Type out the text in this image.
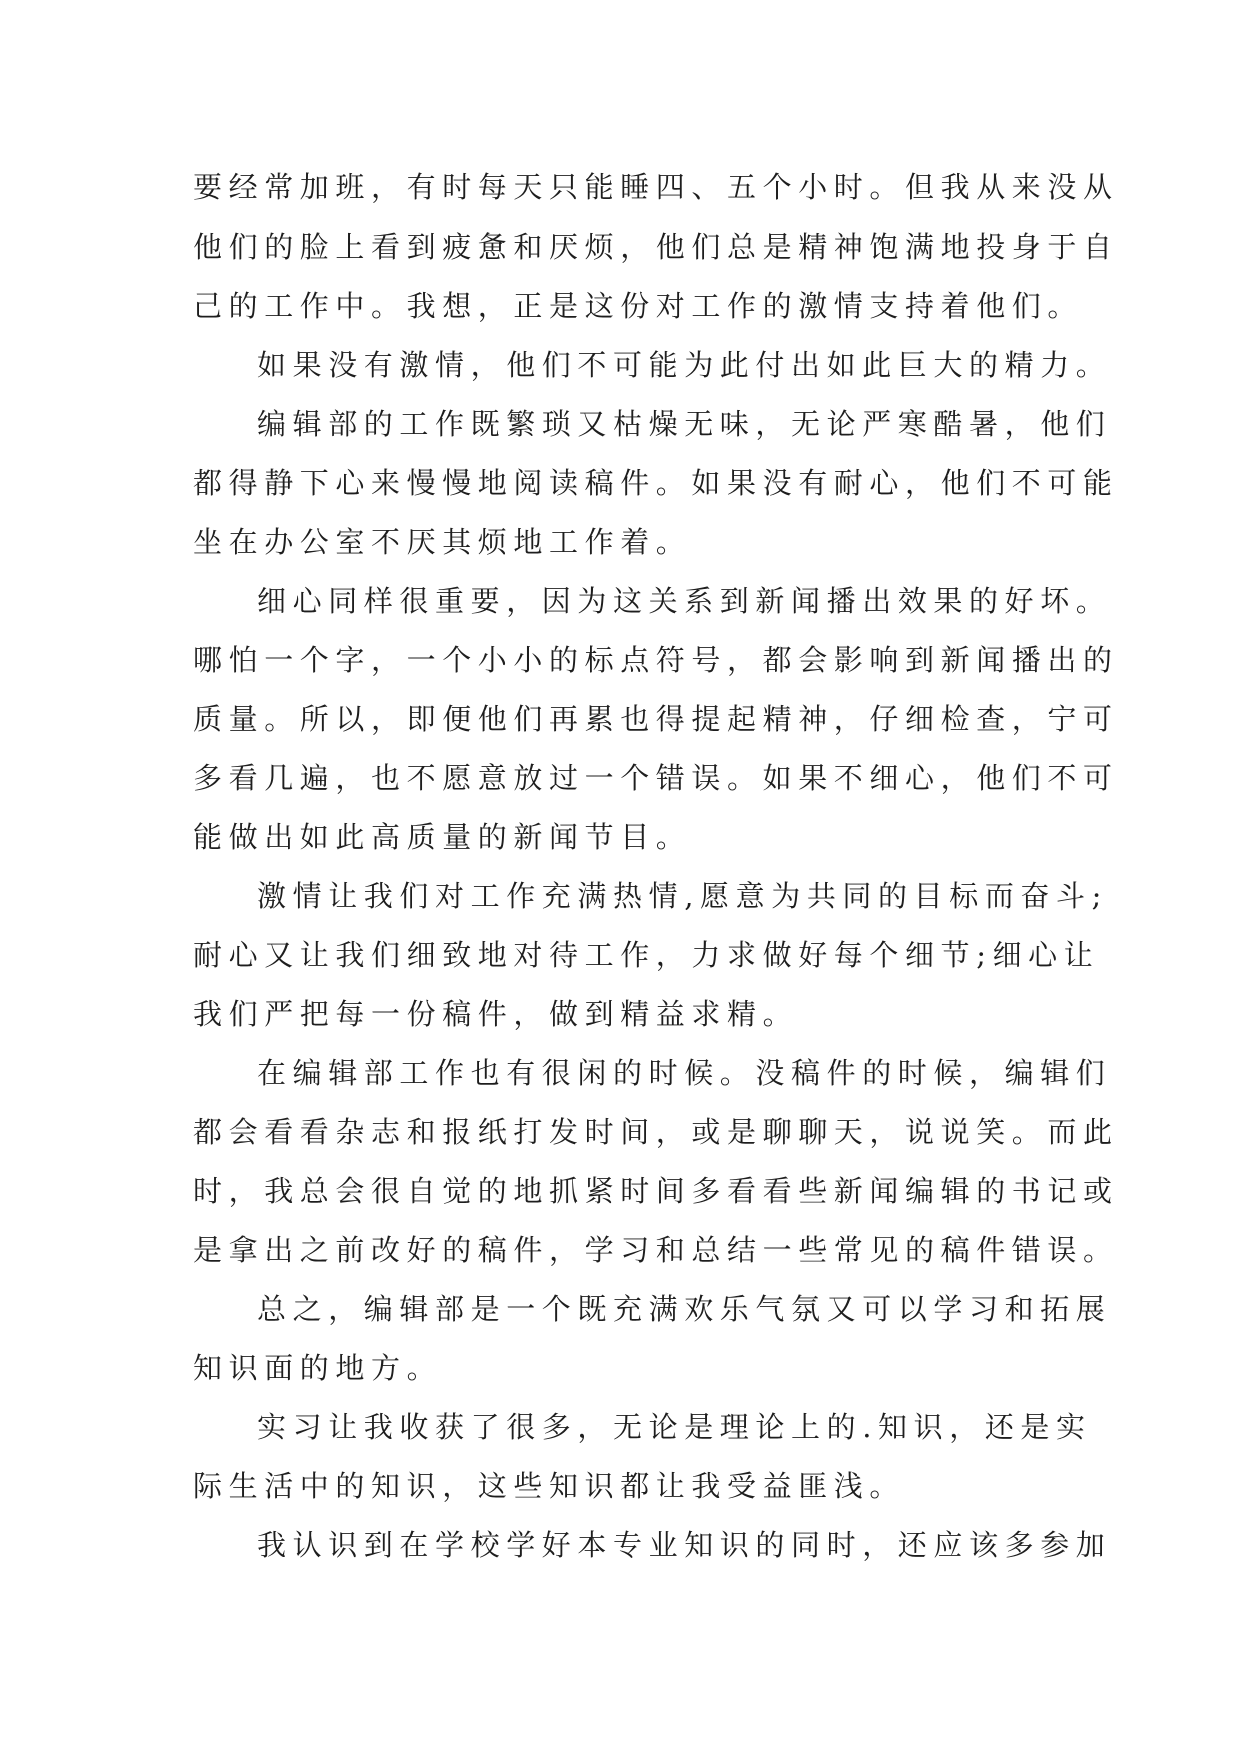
要经常加班，有时每天只能睡四、五个小时。但我从来没从
他们的脸上看到疲惫和厌烦，他们总是精神饱满地投身于自
己的工作中。我想，正是这份对工作的激情支持着他们。
如果没有激情，他们不可能为此付出如此巨大的精力。
编辑部的工作既繁琐又枯燥无味，无论严寒酷暑，他们
都得静下心来慢慢地阅读稿件。如果没有耐心，他们不可能
坐在办公室不厌其烦地工作着。
细心同样很重要，因为这关系到新闻播出效果的好坏。
哪怕一个字，一个小小的标点符号，都会影响到新闻播出的
质量。所以，即便他们再累也得提起精神，仔细检查，宁可
多看几遍，也不愿意放过一个错误。如果不细心，他们不可
能做出如此高质量的新闻节目。
激情让我们对工作充满热情,愿意为共同的目标而奋斗;
耐心又让我们细致地对待工作，力求做好每个细节;细心让
我们严把每一份稿件，做到精益求精。
在编辑部工作也有很闲的时候。没稿件的时候，编辑们
都会看看杂志和报纸打发时间，或是聊聊天，说说笑。而此
时，我总会很自觉的地抓紧时间多看看些新闻编辑的书记或
是拿出之前改好的稿件，学习和总结一些常见的稿件错误。
总之，编辑部是一个既充满欢乐气氛又可以学习和拓展
知识面的地方。
实习让我收获了很多，无论是理论上的.知识，还是实
际生活中的知识，这些知识都让我受益匪浅。
我认识到在学校学好本专业知识的同时，还应该多参加
